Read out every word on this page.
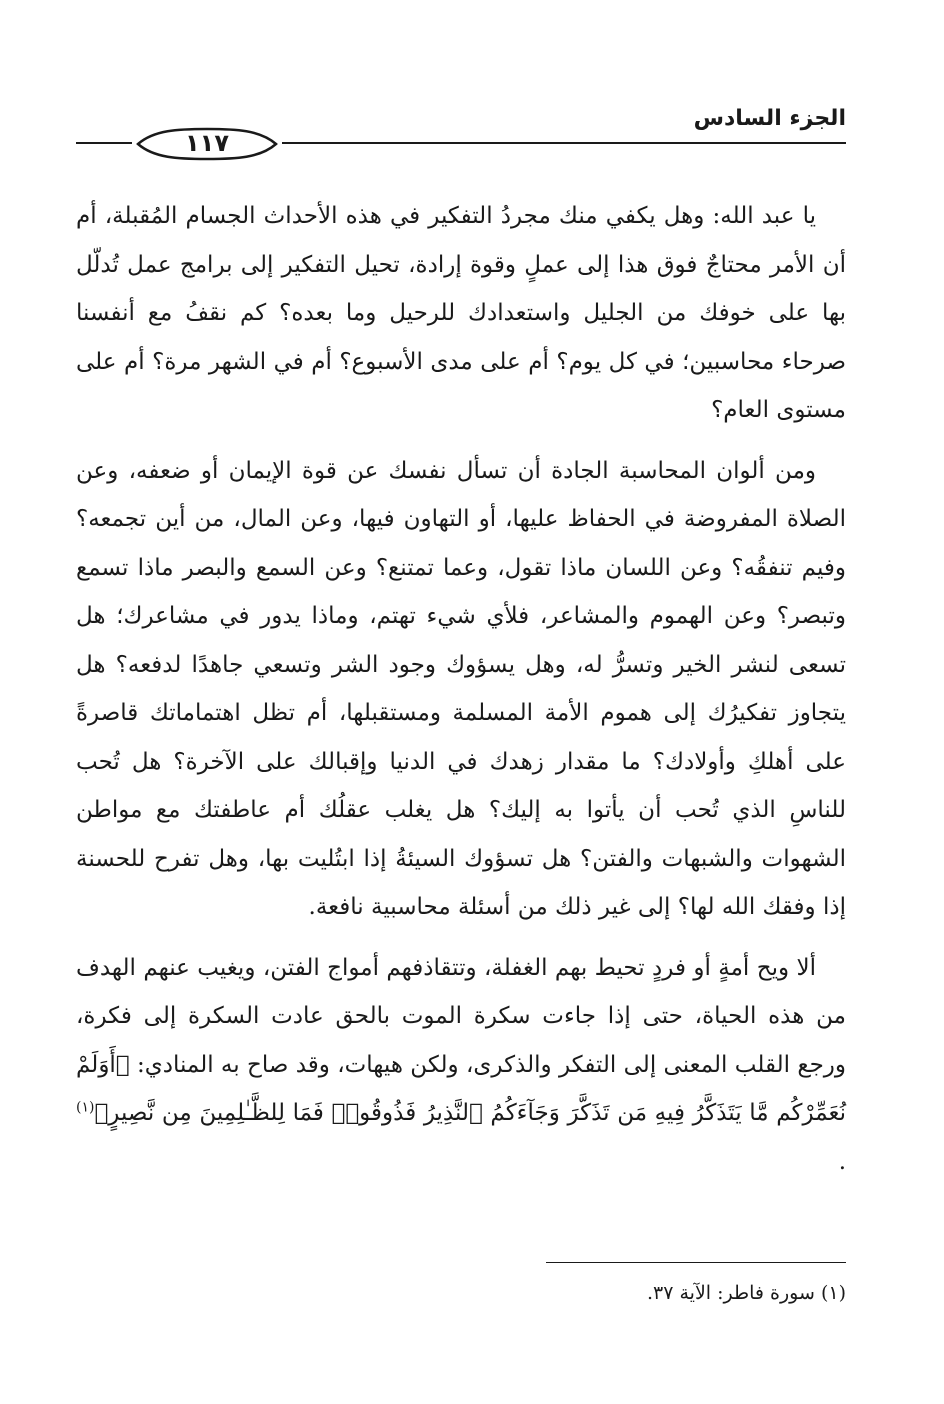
الجزء السادس
١١٧

يا عبد الله: وهل يكفي منك مجردُ التفكير في هذه الأحداث الجسام المُقبلة، أم أن الأمر محتاجٌ فوق هذا إلى عملٍ وقوة إرادة، تحيل التفكير إلى برامج عمل تُدلّل بها على خوفك من الجليل واستعدادك للرحيل وما بعده؟ كم نقفُ مع أنفسنا صرحاء محاسبين؛ في كل يوم؟ أم على مدى الأسبوع؟ أم في الشهر مرة؟ أم على مستوى العام؟

ومن ألوان المحاسبة الجادة أن تسأل نفسك عن قوة الإيمان أو ضعفه، وعن الصلاة المفروضة في الحفاظ عليها، أو التهاون فيها، وعن المال، من أين تجمعه؟ وفيم تنفقُه؟ وعن اللسان ماذا تقول، وعما تمتنع؟ وعن السمع والبصر ماذا تسمع وتبصر؟ وعن الهموم والمشاعر، فلأي شيء تهتم، وماذا يدور في مشاعرك؛ هل تسعى لنشر الخير وتسرُّ له، وهل يسؤوك وجود الشر وتسعي جاهدًا لدفعه؟ هل يتجاوز تفكيرُك إلى هموم الأمة المسلمة ومستقبلها، أم تظل اهتماماتك قاصرةً على أهلكِ وأولادك؟ ما مقدار زهدك في الدنيا وإقبالك على الآخرة؟ هل تُحب للناسِ الذي تُحب أن يأتوا به إليك؟ هل يغلب عقلُك أم عاطفتك مع مواطن الشهوات والشبهات والفتن؟ هل تسؤوك السيئةُ إذا ابتُليت بها، وهل تفرح للحسنة إذا وفقك الله لها؟ إلى غير ذلك من أسئلة محاسبية نافعة.

ألا ويح أمةٍ أو فردٍ تحيط بهم الغفلة، وتتقاذفهم أمواج الفتن، ويغيب عنهم الهدف من هذه الحياة، حتى إذا جاءت سكرة الموت بالحق عادت السكرة إلى فكرة، ورجع القلب المعنى إلى التفكر والذكرى، ولكن هيهات، وقد صاح به المنادي: ﴿أَوَلَمْ نُعَمِّرْكُم مَّا يَتَذَكَّرُ فِيهِ مَن تَذَكَّرَ وَجَآءَكُمُ ٱلنَّذِيرُ فَذُوقُوا۟ فَمَا لِلظَّـٰلِمِينَ مِن نَّصِيرٍ﴾$^{(١)}$ .

(١) سورة فاطر: الآية ٣٧.
